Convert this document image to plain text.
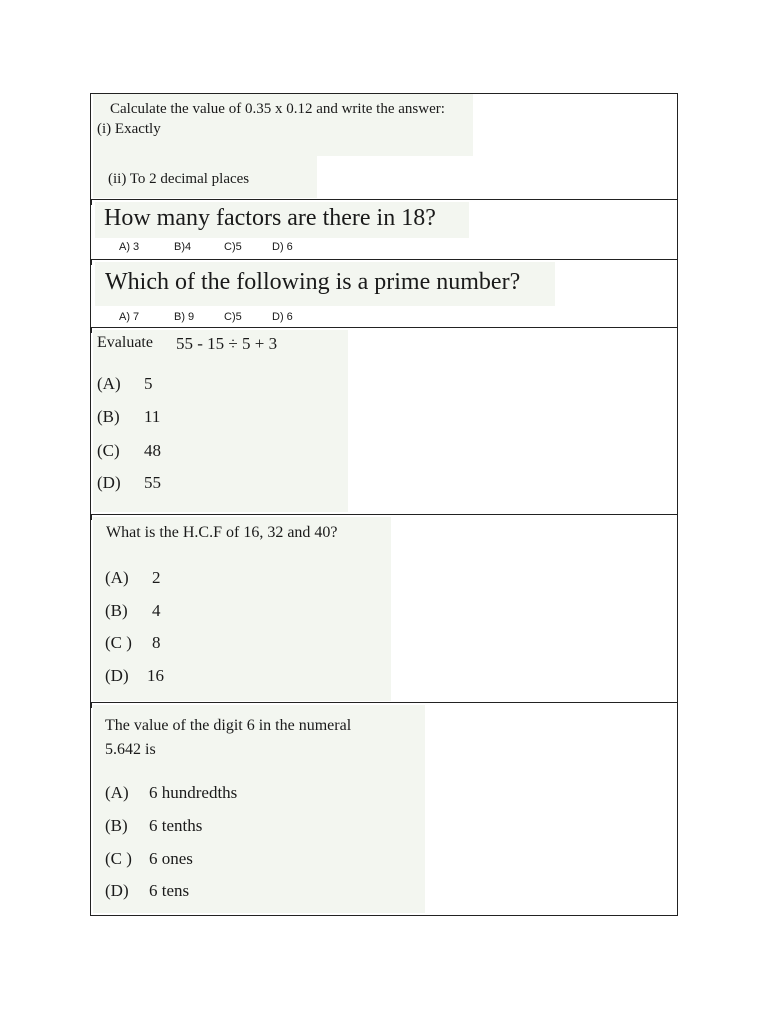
Calculate the value of 0.35 x 0.12 and write the answer:
(i) Exactly
(ii) To 2 decimal places
How many factors are there in 18?
A) 3	B)4	C)5	D) 6
Which of the following is a prime number?
A) 7	B) 9	C)5	D) 6
Evaluate 55 - 15 ÷ 5 + 3
(A) 5
(B) 11
(C) 48
(D) 55
What is the H.C.F of 16, 32 and 40?
(A) 2
(B) 4
(C ) 8
(D) 16
The value of the digit 6 in the numeral
5.642 is
(A) 6 hundredths
(B) 6 tenths
(C ) 6 ones
(D) 6 tens
